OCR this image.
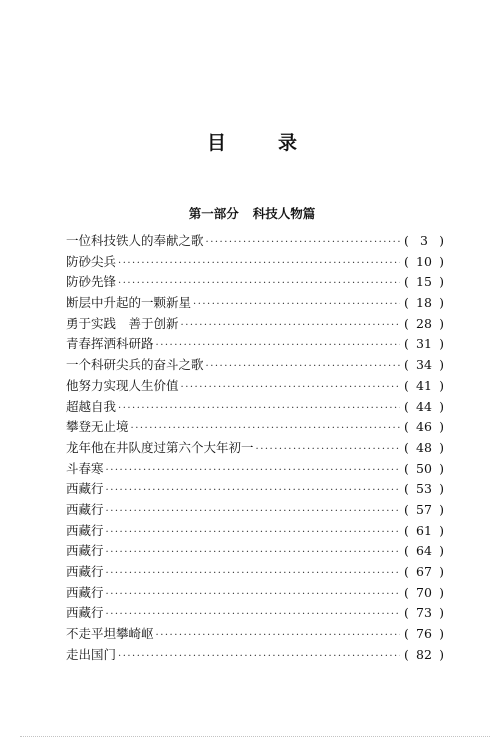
目	录
第一部分 科技人物篇
一位科技铁人的奉献之歌 ·····	( 3 )
防砂尖兵 ·····	( 10 )
防砂先锋 ·····	( 15 )
断层中升起的一颗新星 ·····	( 18 )
勇于实践　善于创新 ·····	( 28 )
青春挥洒科研路 ·····	( 31 )
一个科研尖兵的奋斗之歌 ·····	( 34 )
他努力实现人生价值 ·····	( 41 )
超越自我 ·····	( 44 )
攀登无止境 ·····	( 46 )
龙年他在井队度过第六个大年初一 ·····	( 48 )
斗春寒 ·····	( 50 )
西藏行 ·····	( 53 )
西藏行 ·····	( 57 )
西藏行 ·····	( 61 )
西藏行 ·····	( 64 )
西藏行 ·····	( 67 )
西藏行 ·····	( 70 )
西藏行 ·····	( 73 )
不走平坦攀崎岖 ·····	( 76 )
走出国门 ·····	( 82 )
